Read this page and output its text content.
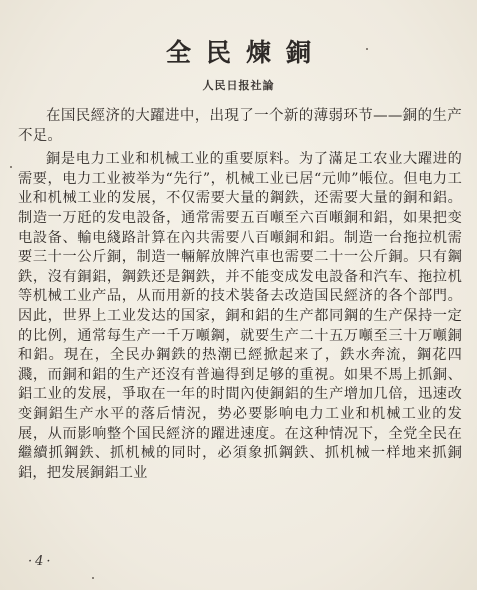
全民煉銅
人民日报社論

在国民經济的大躍进中，出現了一个新的薄弱环节——銅的生产不足。

銅是电力工业和机械工业的重要原料。为了滿足工农业大躍进的需要，电力工业被举为“先行”，机械工业已居“元帅”帳位。但电力工业和机械工业的发展，不仅需要大量的鋼鉄，还需要大量的銅和鋁。制造一万瓩的发电設备，通常需要五百噸至六百噸銅和鋁，如果把变电設备、輸电綫路計算在內共需要八百噸銅和鋁。制造一台拖拉机需要三十一公斤銅，制造一輛解放牌汽車也需要二十一公斤銅。只有鋼鉄，沒有銅鋁，鋼鉄还是鋼鉄，并不能变成发电設备和汽车、拖拉机等机械工业产品，从而用新的技术裝备去改造国民經济的各个部門。因此，世界上工业发达的国家，銅和鋁的生产都同鋼的生产保持一定的比例，通常每生产一千万噸鋼，就要生产二十五万噸至三十万噸銅和鋁。現在，全民办鋼鉄的热潮已經掀起来了，鉄水奔流，鋼花四濺，而銅和鋁的生产还沒有普遍得到足够的重視。如果不馬上抓銅、鋁工业的发展，爭取在一年的时間內使銅鋁的生产增加几倍，迅速改变銅鋁生产水平的落后情況，势必要影响电力工业和机械工业的发展，从而影响整个国民經济的躍进速度。在这种情况下，全党全民在繼續抓鋼鉄、抓机械的同时，必須象抓鋼鉄、抓机械一样地来抓銅鋁，把发展銅鋁工业

·4·
